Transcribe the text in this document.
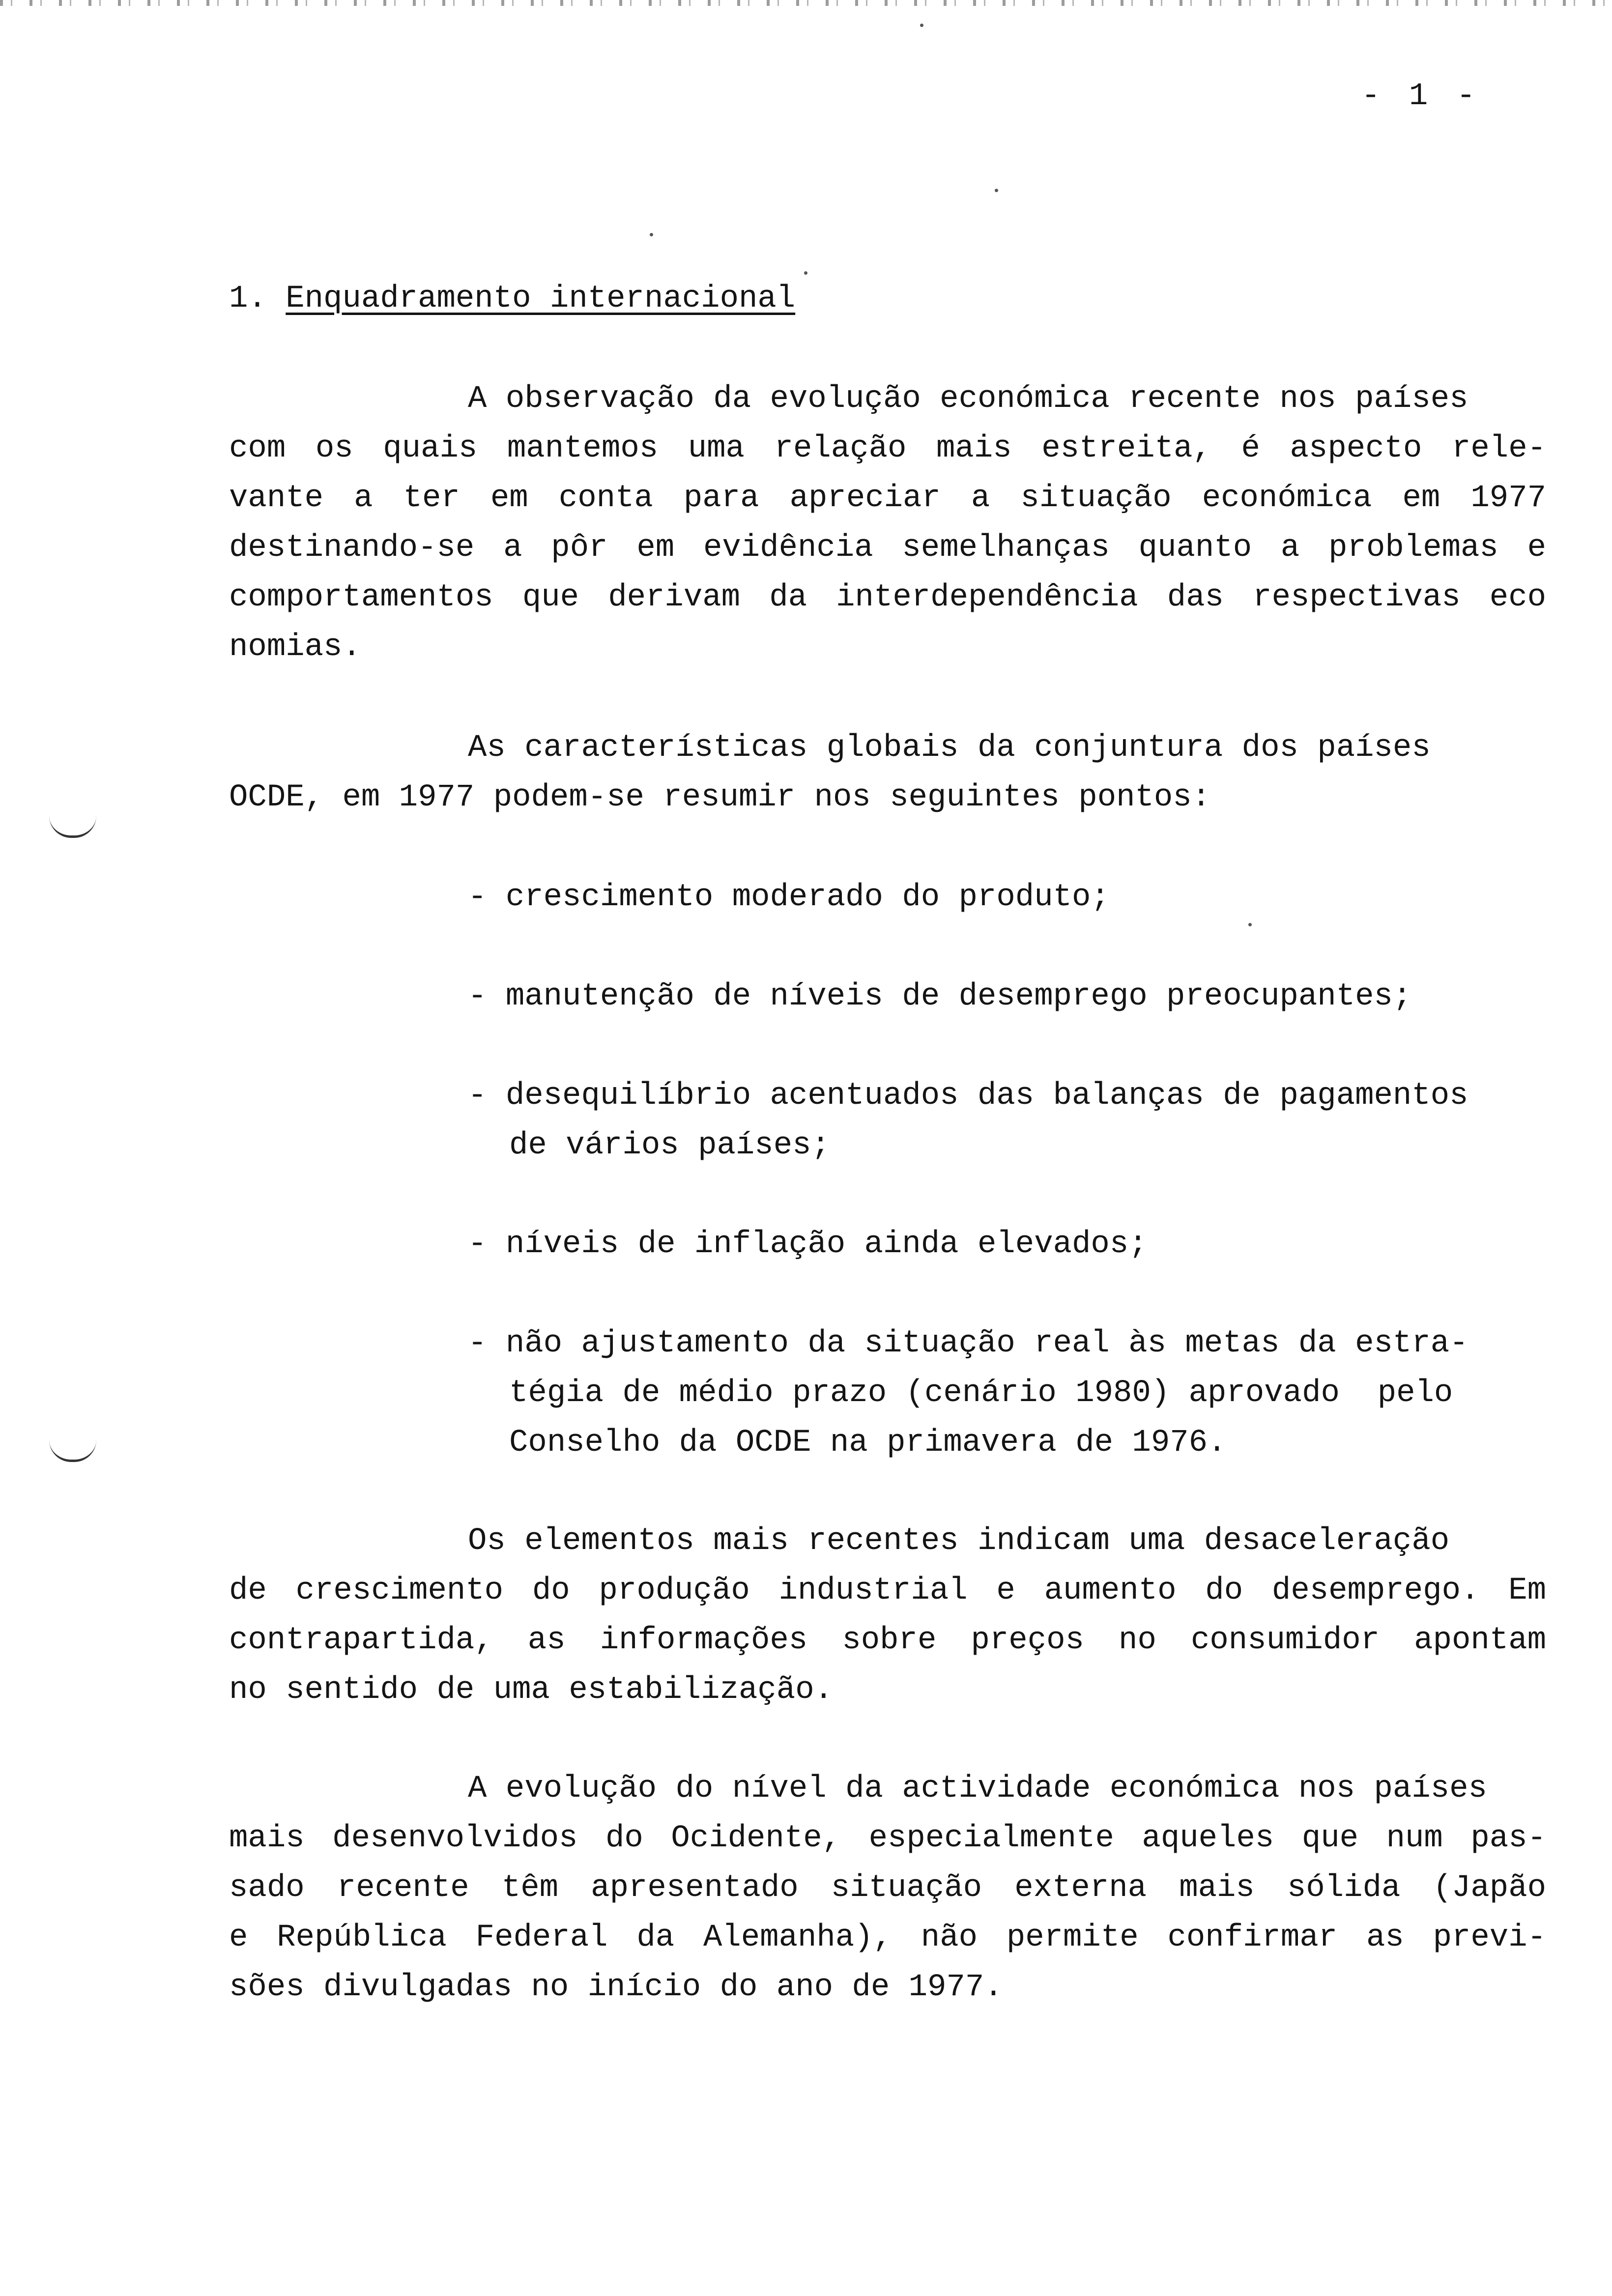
- 1 -
1. Enquadramento internacional
A observação da evolução económica recente nos países
com os quais mantemos uma relação mais estreita, é aspecto rele-
vante a ter em conta para apreciar a situação económica em 1977
destinando-se a pôr em evidência semelhanças quanto a problemas e
comportamentos que derivam da interdependência das respectivas eco
nomias.
As características globais da conjuntura dos países
OCDE, em 1977 podem-se resumir nos seguintes pontos:
- crescimento moderado do produto;
- manutenção de níveis de desemprego preocupantes;
- desequilíbrio acentuados das balanças de pagamentos
de vários países;
- níveis de inflação ainda elevados;
- não ajustamento da situação real às metas da estra-
tégia de médio prazo (cenário 1980) aprovado  pelo
Conselho da OCDE na primavera de 1976.
Os elementos mais recentes indicam uma desaceleração
de crescimento do produção industrial e aumento do desemprego. Em
contrapartida, as informações sobre preços no consumidor apontam
no sentido de uma estabilização.
A evolução do nível da actividade económica nos países
mais desenvolvidos do Ocidente, especialmente aqueles que num pas-
sado recente têm apresentado situação externa mais sólida (Japão
e República Federal da Alemanha), não permite confirmar as previ-
sões divulgadas no início do ano de 1977.
